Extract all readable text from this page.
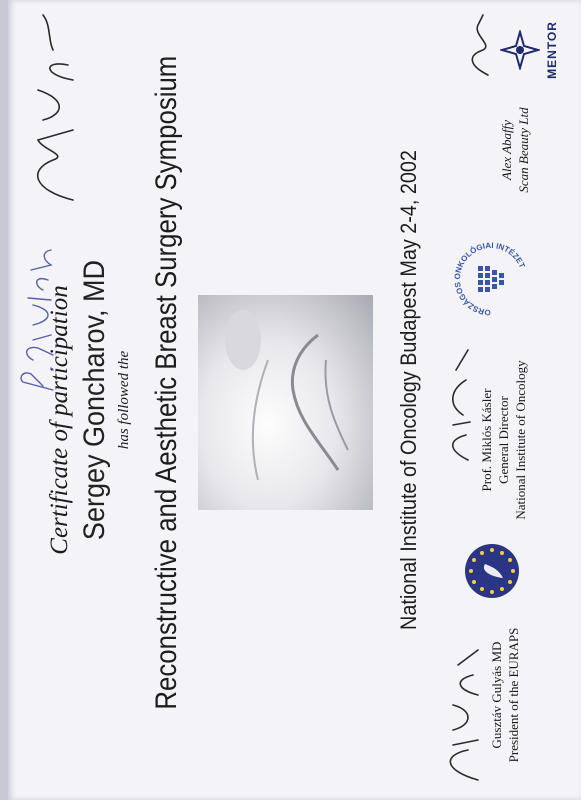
Certificate of participation Sergey Goncharov, MD has followed the Reconstructive and Aesthetic Breast Surgery Symposium	National Institute of Oncology Budapest May 2-4, 2002
Gusztáv Gulyás MD President of the EURAPS
Prof. Miklós Kásler General Director National Institute of Oncology
Alex Abaffy Scan Beauty Ltd
ORSZÁGOS ONKOLÓGIAI INTÉZET
MENTOR
